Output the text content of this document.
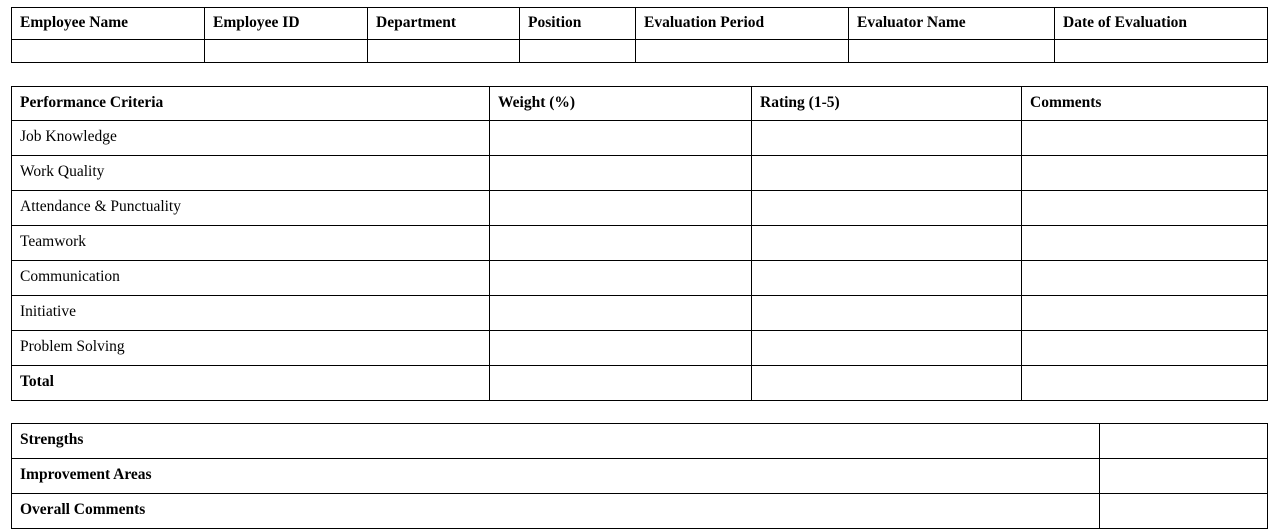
Employee Name	Employee ID	Department	Position	Evaluation Period	Evaluator Name	Date of Evaluation

Performance Criteria	Weight (%)	Rating (1-5)	Comments
Job Knowledge			
Work Quality			
Attendance & Punctuality			
Teamwork			
Communication			
Initiative			
Problem Solving			
Total			
Strengths	
Improvement Areas	
Overall Comments	
